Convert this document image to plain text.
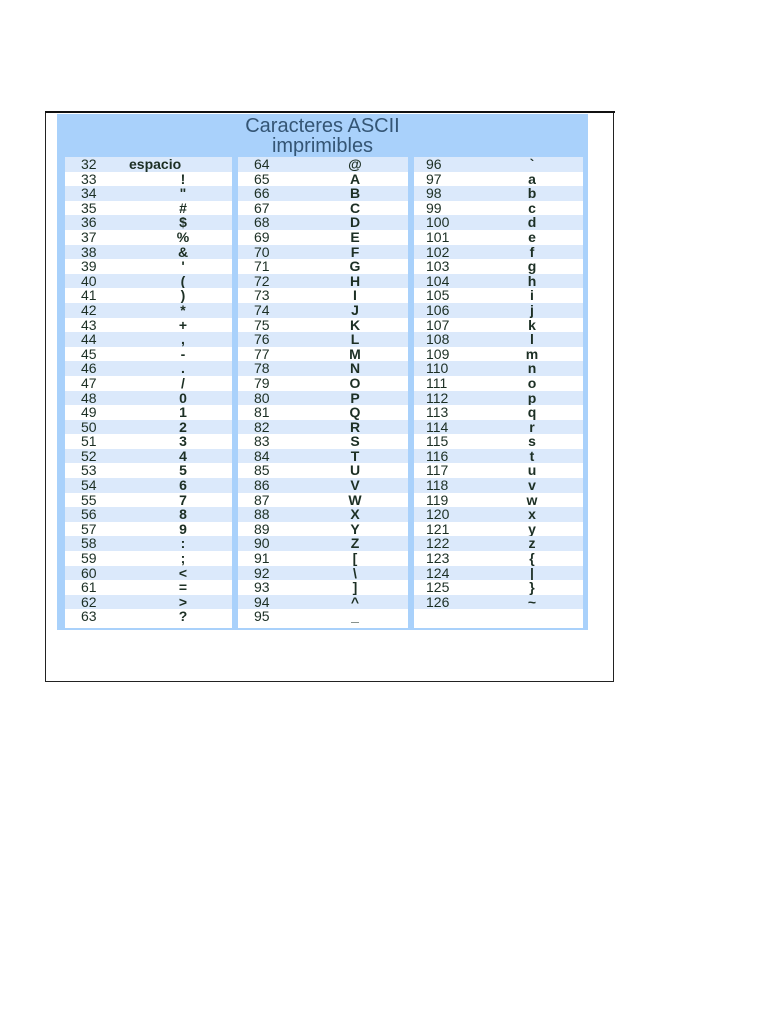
Caracteres ASCII
imprimibles
32 espacio
33	!
34	"
35	#
36	$
37	%
38	&
39	'
40	(
41	)
42	*
43	+
44	,
45	-
46	.
47	/
48	0
49	1
50	2
51	3
52	4
53	5
54	6
55	7
56	8
57	9
58	:
59	;
60	<
61	=
62	>
63	?
64	@
65	A
66	B
67	C
68	D
69	E
70	F
71	G
72	H
73	I
74	J
75	K
76	L
77	M
78	N
79	O
80	P
81	Q
82	R
83	S
84	T
85	U
86	V
87	W
88	X
89	Y
90	Z
91	[
92	\
93	]
94	^
95	_
96	`
97	a
98	b
99	c
100	d
101	e
102	f
103	g
104	h
105	i
106	j
107	k
108	l
109	m
110	n
111	o
112	p
113	q
114	r
115	s
116	t
117	u
118	v
119	w
120	x
121	y
122	z
123	{
124	|
125	}
126	~
